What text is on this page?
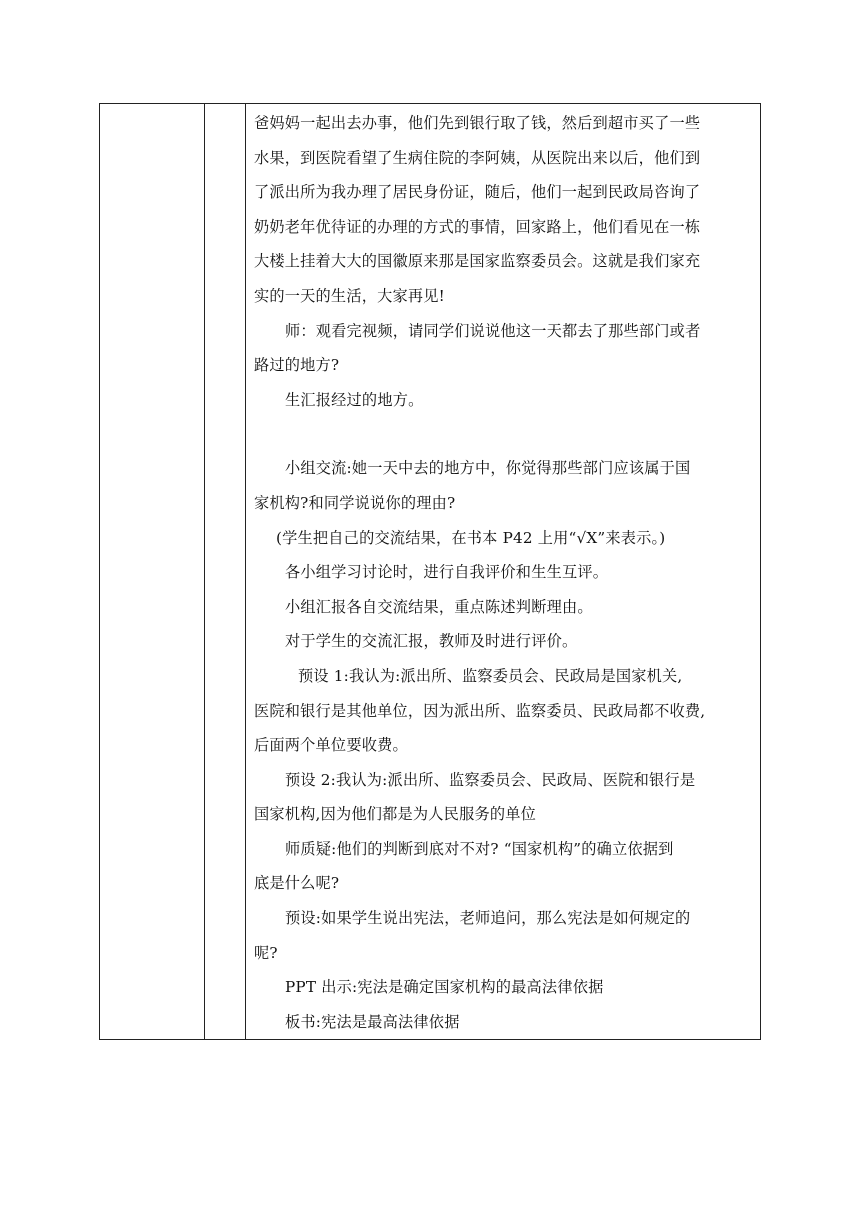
爸妈妈一起出去办事，他们先到银行取了钱，然后到超市买了一些

水果，到医院看望了生病住院的李阿姨，从医院出来以后，他们到

了派出所为我办理了居民身份证，随后，他们一起到民政局咨询了

奶奶老年优待证的办理的方式的事情，回家路上，他们看见在一栋

大楼上挂着大大的国徽原来那是国家监察委员会。这就是我们家充

实的一天的生活，大家再见!

师：观看完视频，请同学们说说他这一天都去了那些部门或者

路过的地方?

生汇报经过的地方。

小组交流:她一天中去的地方中，你觉得那些部门应该属于国

家机构?和同学说说你的理由?

(学生把自己的交流结果，在书本 P42 上用“√X”来表示。)

各小组学习讨论时，进行自我评价和生生互评。

小组汇报各自交流结果，重点陈述判断理由。

对于学生的交流汇报，教师及时进行评价。

预设 1:我认为:派出所、监察委员会、民政局是国家机关,

医院和银行是其他单位，因为派出所、监察委员、民政局都不收费,

后面两个单位要收费。

预设 2:我认为:派出所、监察委员会、民政局、医院和银行是

国家机构,因为他们都是为人民服务的单位

师质疑:他们的判断到底对不对? “国家机构”的确立依据到

底是什么呢?

预设:如果学生说出宪法，老师追问，那么宪法是如何规定的

呢?

PPT 出示:宪法是确定国家机构的最高法律依据

板书:宪法是最高法律依据
